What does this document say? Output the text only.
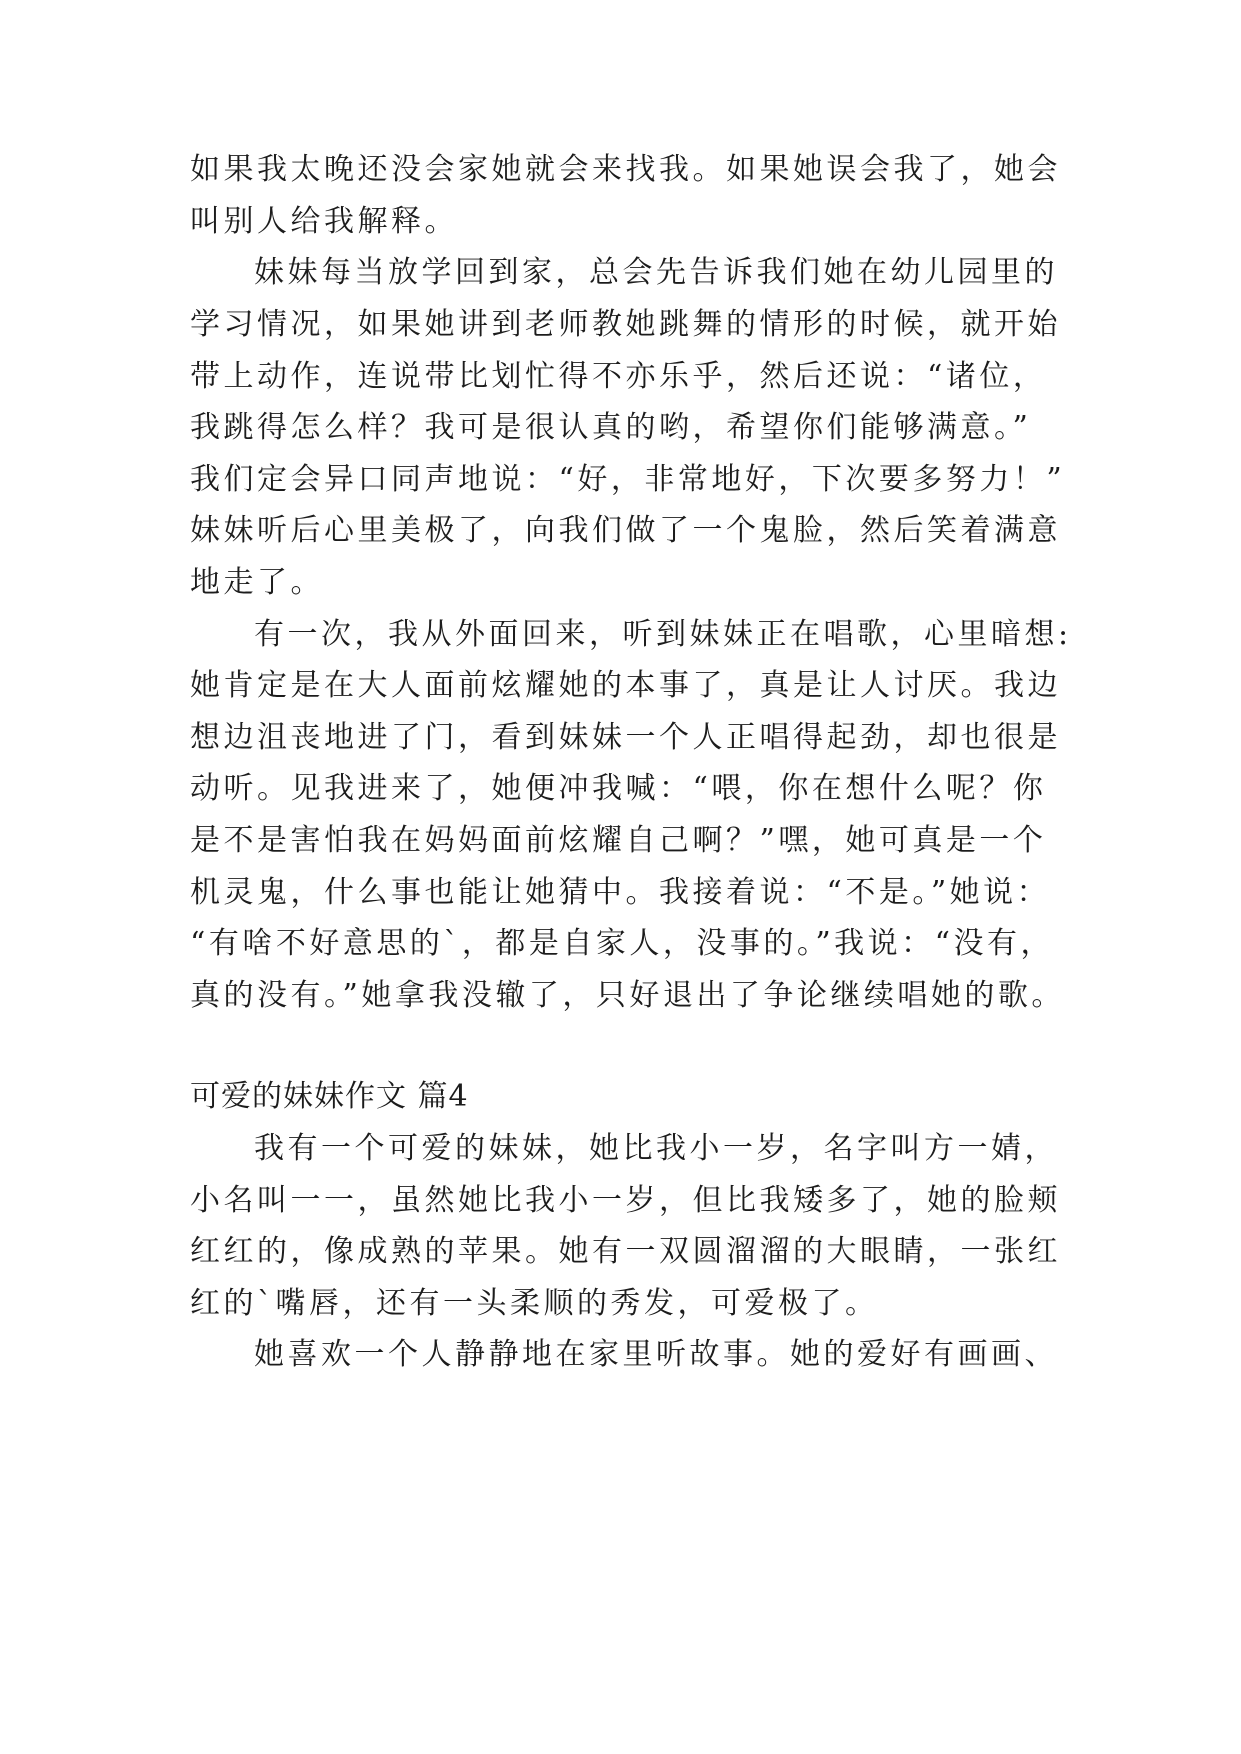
如果我太晚还没会家她就会来找我。如果她误会我了，她会
叫别人给我解释。
妹妹每当放学回到家，总会先告诉我们她在幼儿园里的
学习情况，如果她讲到老师教她跳舞的情形的时候，就开始
带上动作，连说带比划忙得不亦乐乎，然后还说：“诸位，
我跳得怎么样？我可是很认真的哟，希望你们能够满意。”
我们定会异口同声地说：“好，非常地好，下次要多努力！”
妹妹听后心里美极了，向我们做了一个鬼脸，然后笑着满意
地走了。
有一次，我从外面回来，听到妹妹正在唱歌，心里暗想:
她肯定是在大人面前炫耀她的本事了，真是让人讨厌。我边
想边沮丧地进了门，看到妹妹一个人正唱得起劲，却也很是
动听。见我进来了，她便冲我喊：“喂，你在想什么呢？你
是不是害怕我在妈妈面前炫耀自己啊？”嘿，她可真是一个
机灵鬼，什么事也能让她猜中。我接着说：“不是。”她说：
“有啥不好意思的`，都是自家人，没事的。”我说：“没有，
真的没有。”她拿我没辙了，只好退出了争论继续唱她的歌。
可爱的妹妹作文 篇4
我有一个可爱的妹妹，她比我小一岁，名字叫方一婧，
小名叫一一，虽然她比我小一岁，但比我矮多了，她的脸颊
红红的，像成熟的苹果。她有一双圆溜溜的大眼睛，一张红
红的`嘴唇，还有一头柔顺的秀发，可爱极了。
她喜欢一个人静静地在家里听故事。她的爱好有画画、
